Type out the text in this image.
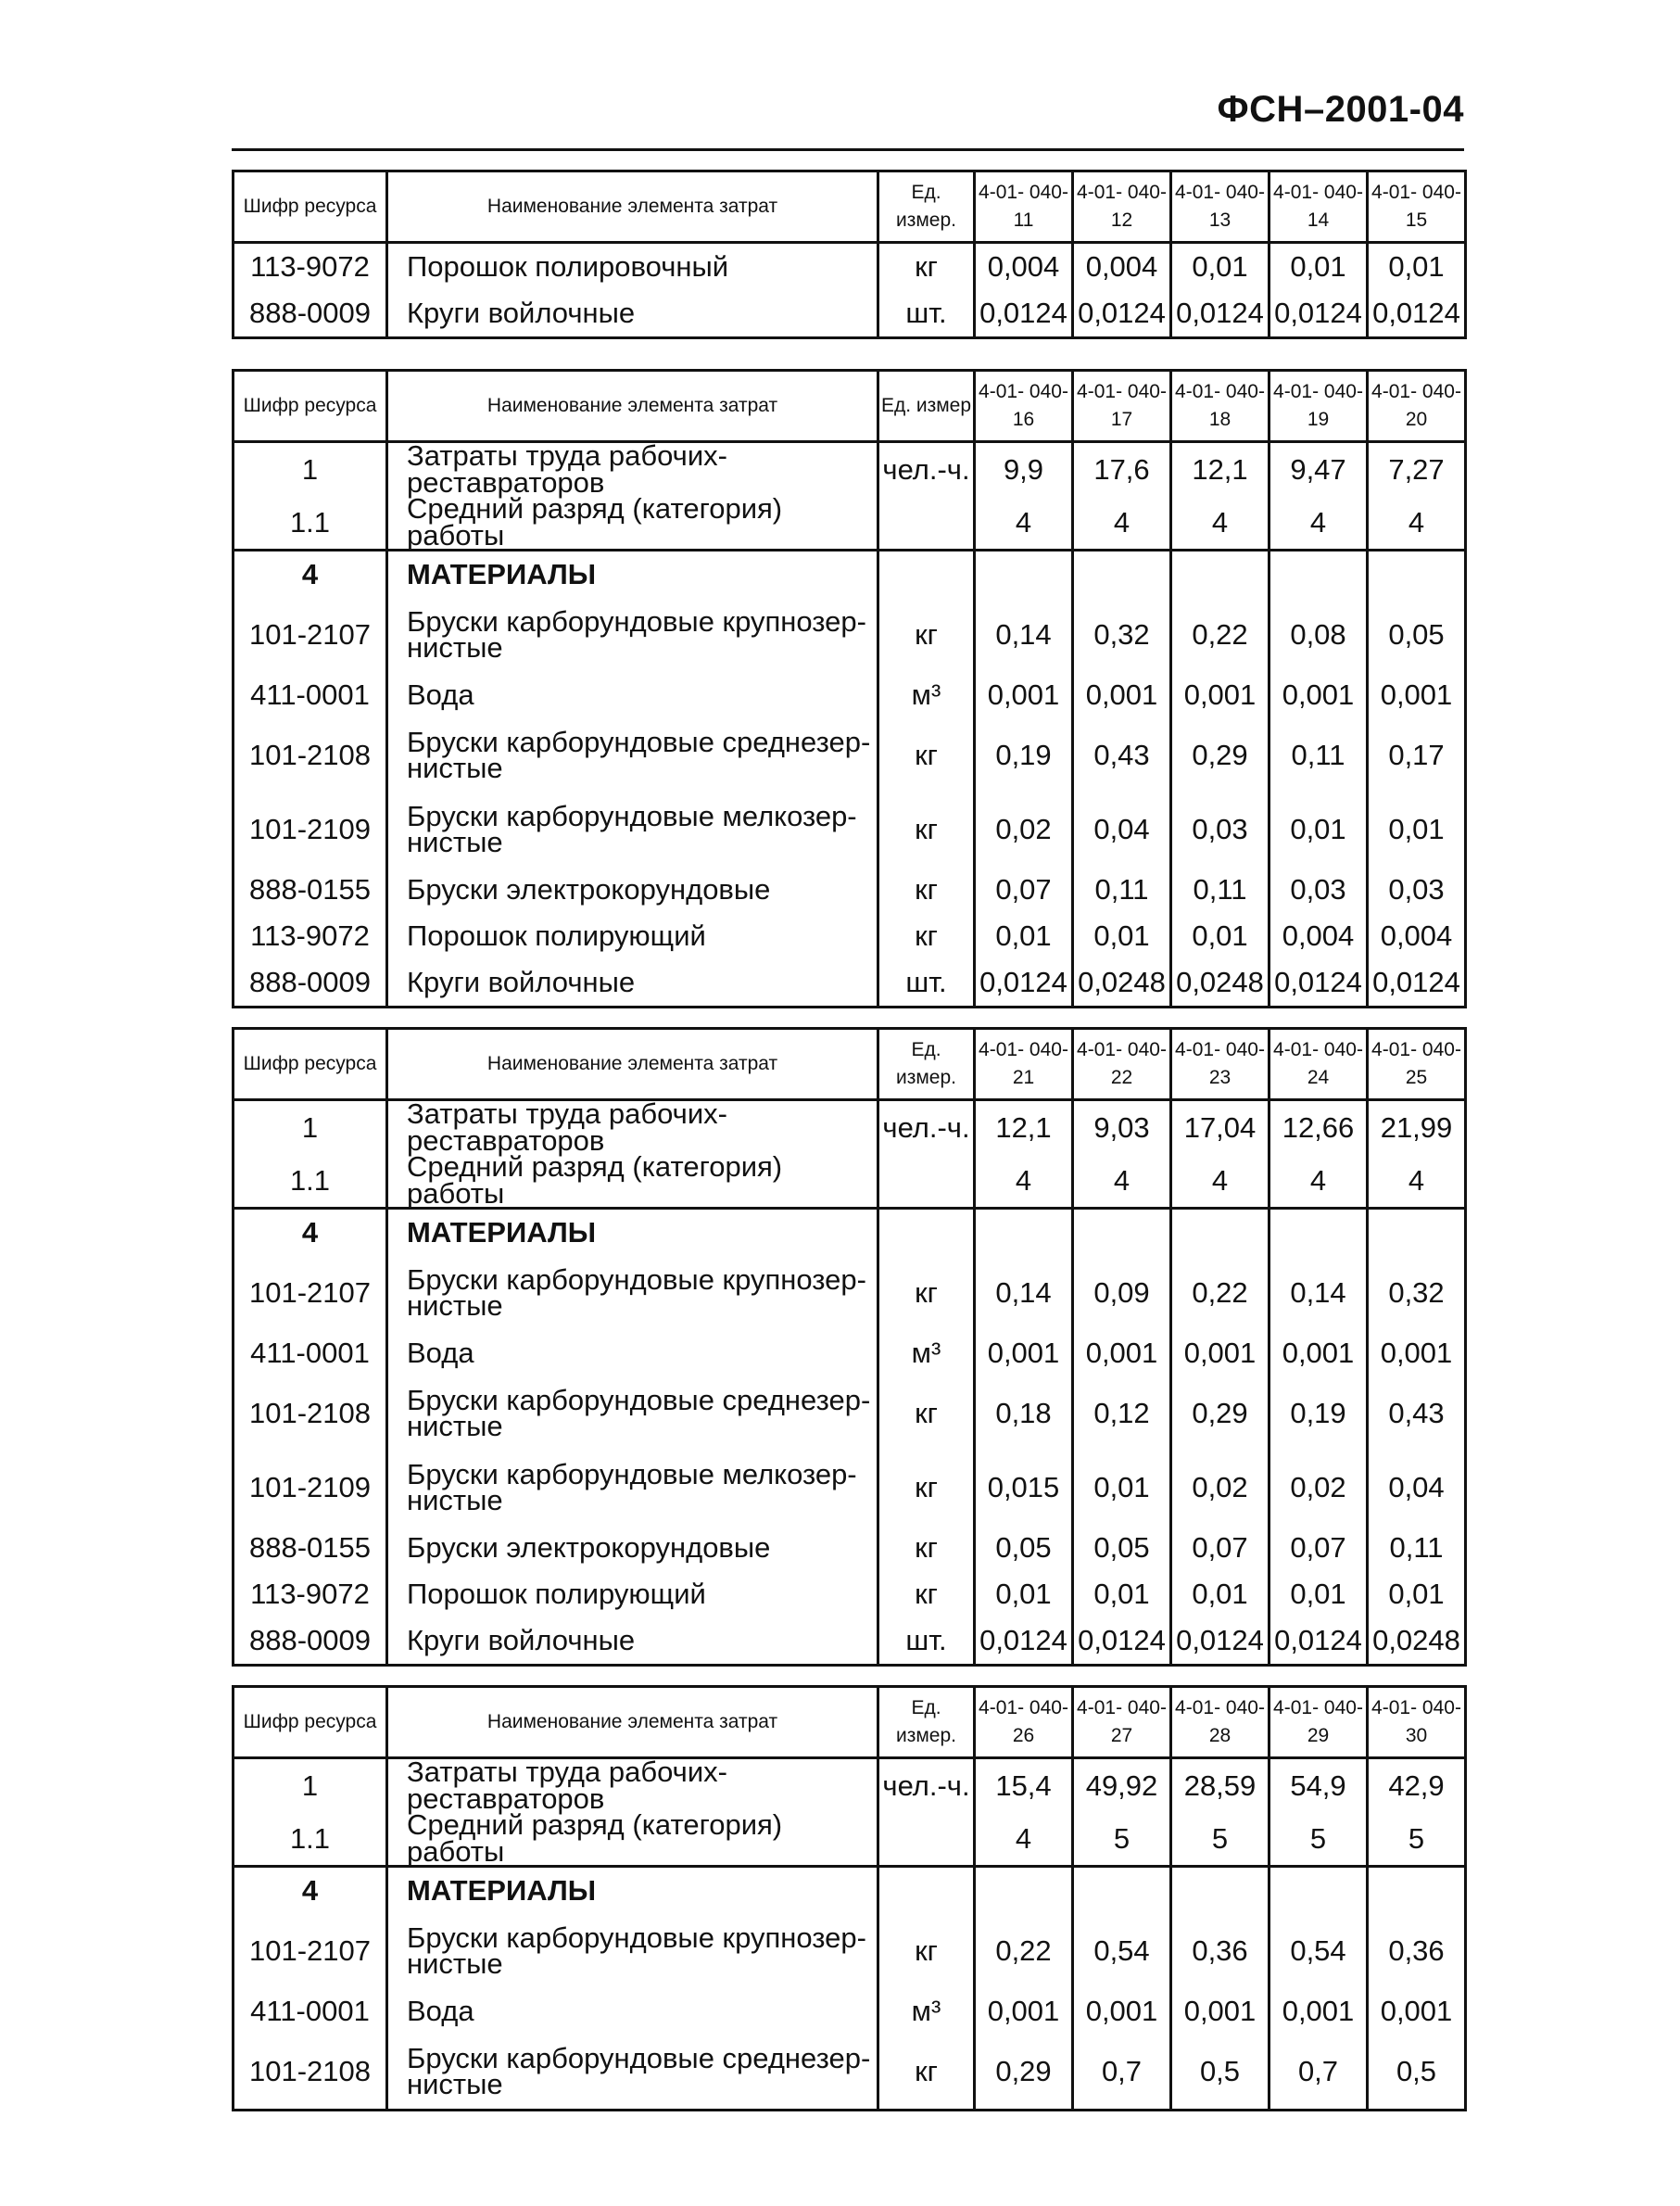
ФСН–2001-04
Шифр ресурса	Наименование элемента затрат	Ед. измер.	4-01- 040-11	4-01- 040-12	4-01- 040-13	4-01- 040-14	4-01- 040-15
113-9072	Порошок полировочный	кг	0,004	0,004	0,01	0,01	0,01
888-0009	Круги войлочные	шт.	0,0124	0,0124	0,0124	0,0124	0,0124
Шифр ресурса	Наименование элемента затрат	Ед. измер	4-01- 040-16	4-01- 040-17	4-01- 040-18	4-01- 040-19	4-01- 040-20
1	Затраты труда рабочих-реставраторов	чел.-ч.	9,9	17,6	12,1	9,47	7,27
1.1	Средний разряд (категория) работы		4	4	4	4	4
4	МАТЕРИАЛЫ						
101-2107	Бруски карборундовые крупнозер-нистые	кг	0,14	0,32	0,22	0,08	0,05
411-0001	Вода	м³	0,001	0,001	0,001	0,001	0,001
101-2108	Бруски карборундовые среднезер-нистые	кг	0,19	0,43	0,29	0,11	0,17
101-2109	Бруски карборундовые мелкозер-нистые	кг	0,02	0,04	0,03	0,01	0,01
888-0155	Бруски электрокорундовые	кг	0,07	0,11	0,11	0,03	0,03
113-9072	Порошок полирующий	кг	0,01	0,01	0,01	0,004	0,004
888-0009	Круги войлочные	шт.	0,0124	0,0248	0,0248	0,0124	0,0124
Шифр ресурса	Наименование элемента затрат	Ед. измер.	4-01- 040-21	4-01- 040-22	4-01- 040-23	4-01- 040-24	4-01- 040-25
1	Затраты труда рабочих-реставраторов	чел.-ч.	12,1	9,03	17,04	12,66	21,99
1.1	Средний разряд (категория) работы		4	4	4	4	4
4	МАТЕРИАЛЫ						
101-2107	Бруски карборундовые крупнозер-нистые	кг	0,14	0,09	0,22	0,14	0,32
411-0001	Вода	м³	0,001	0,001	0,001	0,001	0,001
101-2108	Бруски карборундовые среднезер-нистые	кг	0,18	0,12	0,29	0,19	0,43
101-2109	Бруски карборундовые мелкозер-нистые	кг	0,015	0,01	0,02	0,02	0,04
888-0155	Бруски электрокорундовые	кг	0,05	0,05	0,07	0,07	0,11
113-9072	Порошок полирующий	кг	0,01	0,01	0,01	0,01	0,01
888-0009	Круги войлочные	шт.	0,0124	0,0124	0,0124	0,0124	0,0248
Шифр ресурса	Наименование элемента затрат	Ед. измер.	4-01- 040-26	4-01- 040-27	4-01- 040-28	4-01- 040-29	4-01- 040-30
1	Затраты труда рабочих-реставраторов	чел.-ч.	15,4	49,92	28,59	54,9	42,9
1.1	Средний разряд (категория) работы		4	5	5	5	5
4	МАТЕРИАЛЫ						
101-2107	Бруски карборундовые крупнозер-нистые	кг	0,22	0,54	0,36	0,54	0,36
411-0001	Вода	м³	0,001	0,001	0,001	0,001	0,001
101-2108	Бруски карборундовые среднезер-нистые	кг	0,29	0,7	0,5	0,7	0,5
